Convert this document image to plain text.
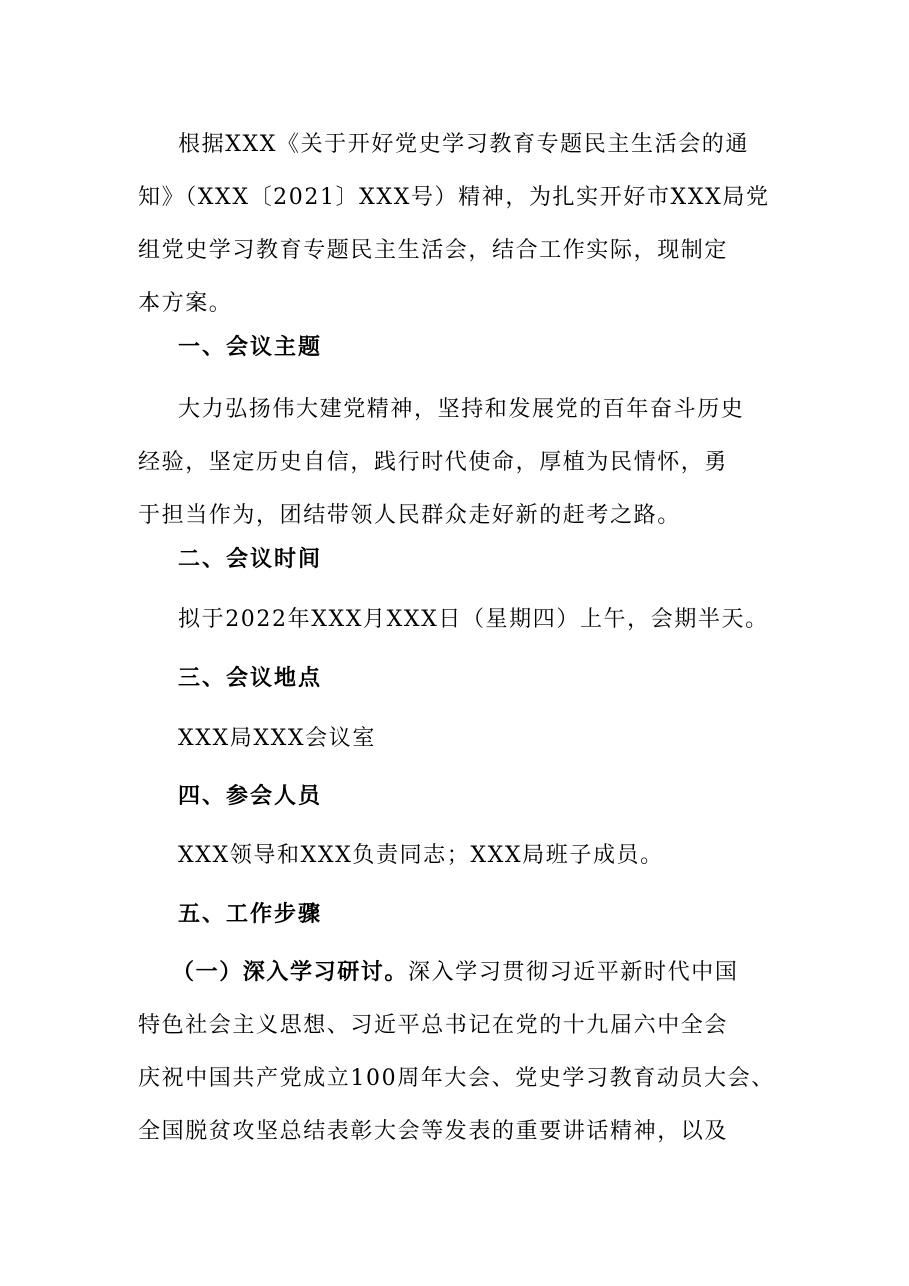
根据XXX《关于开好党史学习教育专题民主生活会的通
知》（XXX〔2021〕XXX号）精神，为扎实开好市XXX局党
组党史学习教育专题民主生活会，结合工作实际，现制定
本方案。
一、会议主题
大力弘扬伟大建党精神，坚持和发展党的百年奋斗历史
经验，坚定历史自信，践行时代使命，厚植为民情怀，勇
于担当作为，团结带领人民群众走好新的赶考之路。
二、会议时间
拟于2022年XXX月XXX日（星期四）上午，会期半天。
三、会议地点
XXX局XXX会议室
四、参会人员
XXX领导和XXX负责同志；XXX局班子成员。
五、工作步骤
（一）深入学习研讨。深入学习贯彻习近平新时代中国
特色社会主义思想、习近平总书记在党的十九届六中全会
庆祝中国共产党成立100周年大会、党史学习教育动员大会、
全国脱贫攻坚总结表彰大会等发表的重要讲话精神，以及
